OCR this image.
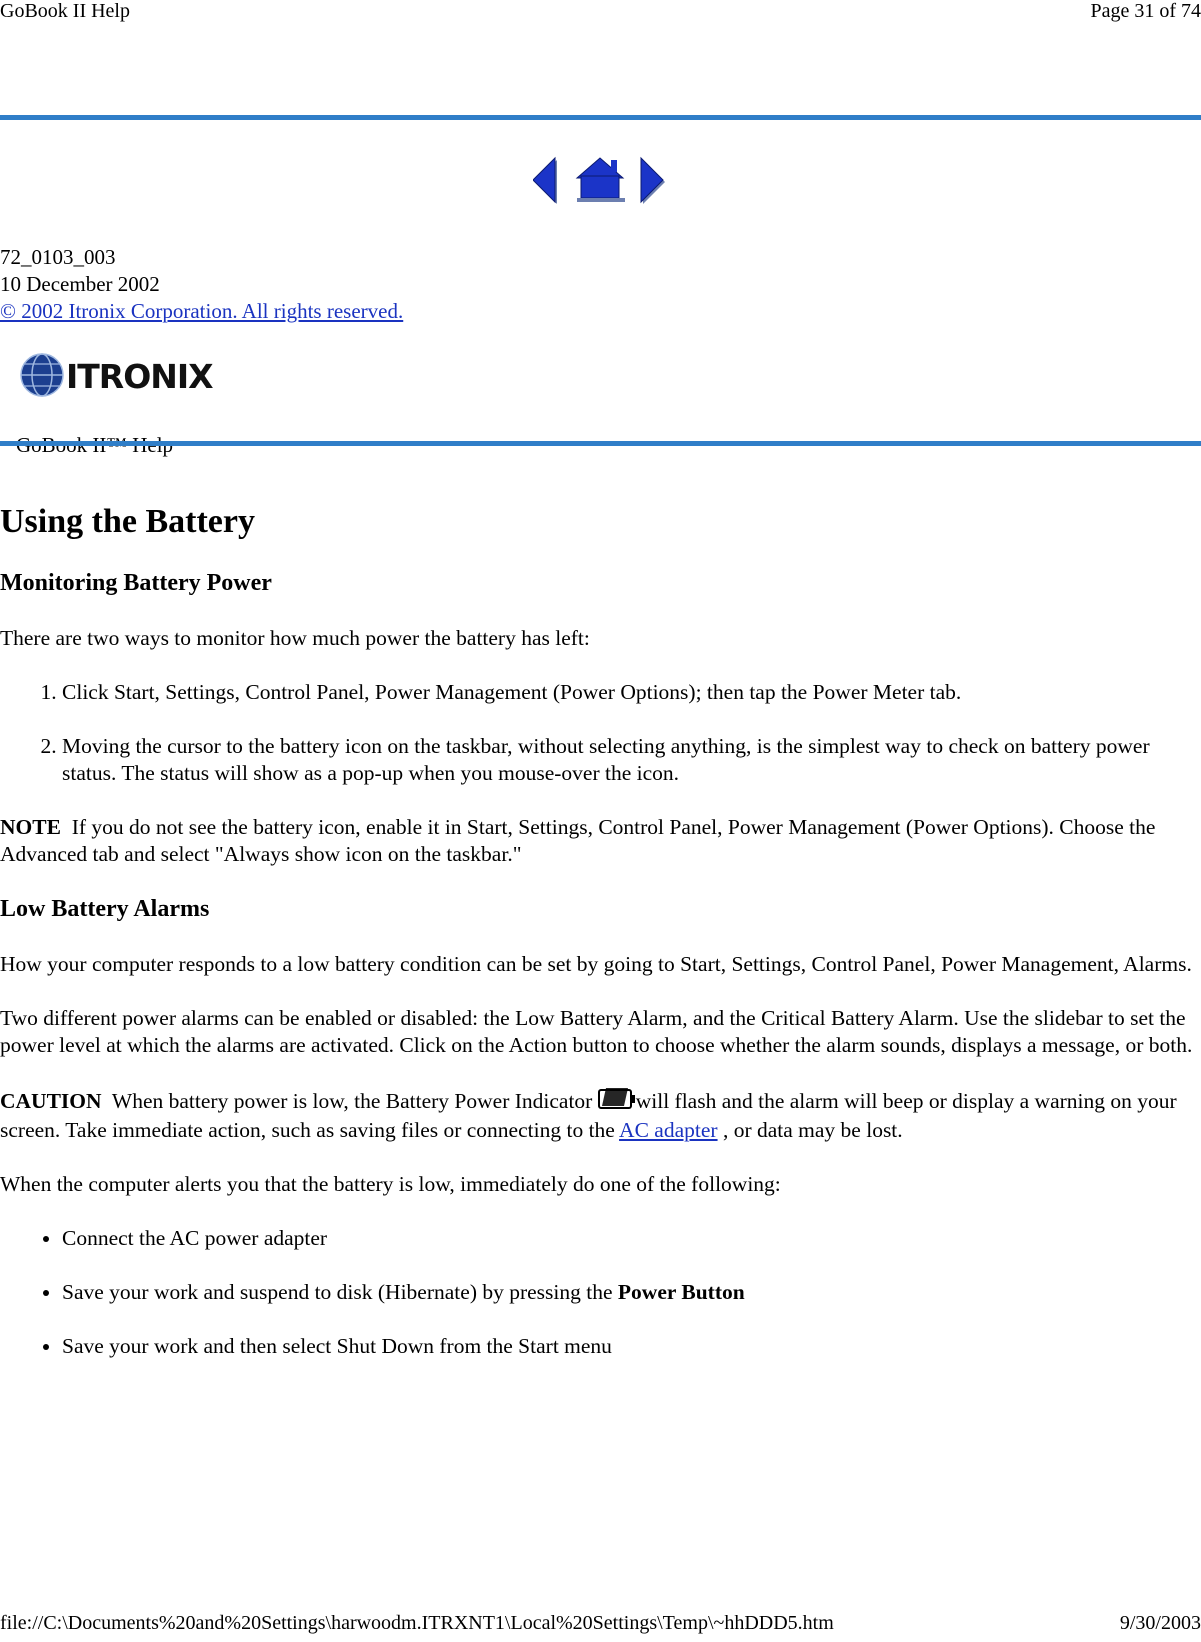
GoBook II Help	Page 31 of 74
72_0103_003
10 December 2002
© 2002 Itronix Corporation. All rights reserved.
ITRONIX
Using the Battery
Monitoring Battery Power

There are two ways to monitor how much power the battery has left:

1. Click Start, Settings, Control Panel, Power Management (Power Options); then tap the Power Meter tab.
2. Moving the cursor to the battery icon on the taskbar, without selecting anything, is the simplest way to check on battery power status. The status will show as a pop-up when you mouse-over the icon.

NOTE If you do not see the battery icon, enable it in Start, Settings, Control Panel, Power Management (Power Options). Choose the Advanced tab and select "Always show icon on the taskbar."

Low Battery Alarms

How your computer responds to a low battery condition can be set by going to Start, Settings, Control Panel, Power Management, Alarms.

Two different power alarms can be enabled or disabled: the Low Battery Alarm, and the Critical Battery Alarm. Use the slidebar to set the power level at which the alarms are activated. Click on the Action button to choose whether the alarm sounds, displays a message, or both.

CAUTION When battery power is low, the Battery Power Indicator will flash and the alarm will beep or display a warning on your screen. Take immediate action, such as saving files or connecting to the AC adapter , or data may be lost.

When the computer alerts you that the battery is low, immediately do one of the following:

• Connect the AC power adapter
• Save your work and suspend to disk (Hibernate) by pressing the Power Button
• Save your work and then select Shut Down from the Start menu
file://C:\Documents%20and%20Settings\harwoodm.ITRXNT1\Local%20Settings\Temp\~hhDDD5.htm	9/30/2003
